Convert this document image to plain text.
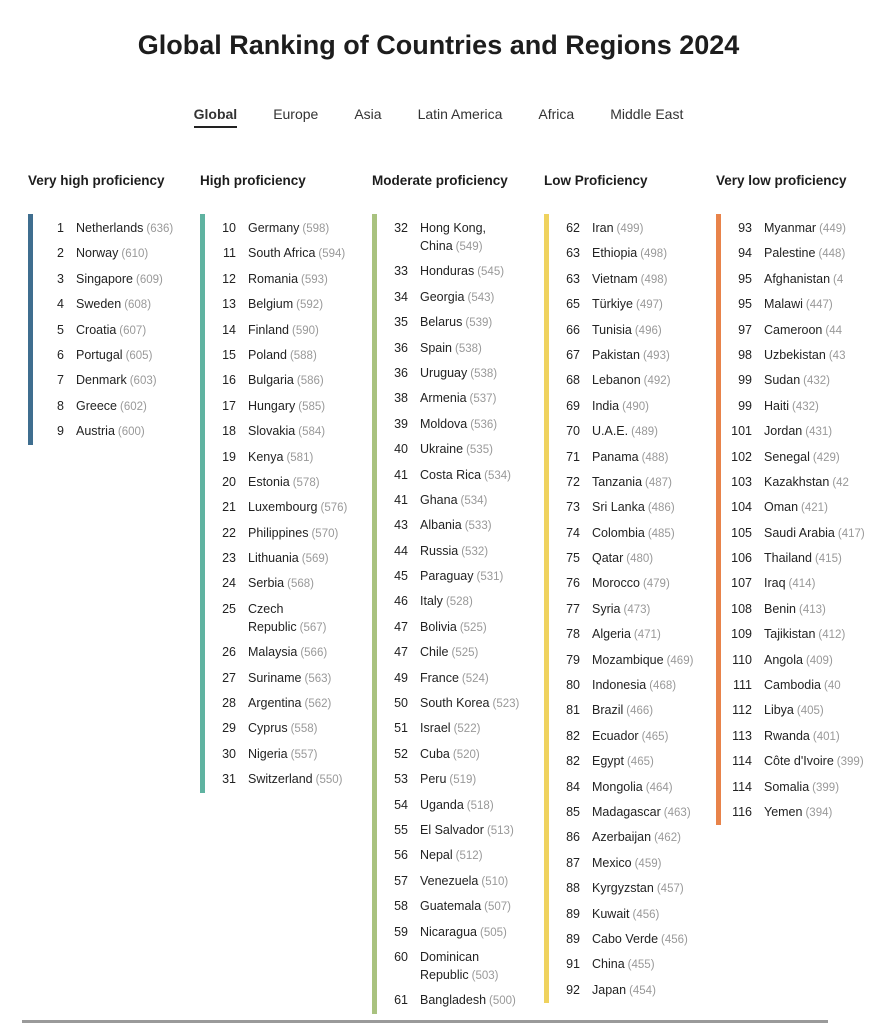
Global Ranking of Countries and Regions 2024
Global	Europe	Asia	Latin America	Africa	Middle East
Very high proficiency
1 Netherlands (636)
2 Norway (610)
3 Singapore (609)
4 Sweden (608)
5 Croatia (607)
6 Portugal (605)
7 Denmark (603)
8 Greece (602)
9 Austria (600)
High proficiency
10 Germany (598)
11 South Africa (594)
12 Romania (593)
13 Belgium (592)
14 Finland (590)
15 Poland (588)
16 Bulgaria (586)
17 Hungary (585)
18 Slovakia (584)
19 Kenya (581)
20 Estonia (578)
21 Luxembourg (576)
22 Philippines (570)
23 Lithuania (569)
24 Serbia (568)
25 Czech Republic (567)
26 Malaysia (566)
27 Suriname (563)
28 Argentina (562)
29 Cyprus (558)
30 Nigeria (557)
31 Switzerland (550)
Moderate proficiency
32 Hong Kong, China (549)
33 Honduras (545)
34 Georgia (543)
35 Belarus (539)
36 Spain (538)
36 Uruguay (538)
38 Armenia (537)
39 Moldova (536)
40 Ukraine (535)
41 Costa Rica (534)
41 Ghana (534)
43 Albania (533)
44 Russia (532)
45 Paraguay (531)
46 Italy (528)
47 Bolivia (525)
47 Chile (525)
49 France (524)
50 South Korea (523)
51 Israel (522)
52 Cuba (520)
53 Peru (519)
54 Uganda (518)
55 El Salvador (513)
56 Nepal (512)
57 Venezuela (510)
58 Guatemala (507)
59 Nicaragua (505)
60 Dominican Republic (503)
61 Bangladesh (500)
Low Proficiency
62 Iran (499)
63 Ethiopia (498)
63 Vietnam (498)
65 Türkiye (497)
66 Tunisia (496)
67 Pakistan (493)
68 Lebanon (492)
69 India (490)
70 U.A.E. (489)
71 Panama (488)
72 Tanzania (487)
73 Sri Lanka (486)
74 Colombia (485)
75 Qatar (480)
76 Morocco (479)
77 Syria (473)
78 Algeria (471)
79 Mozambique (469)
80 Indonesia (468)
81 Brazil (466)
82 Ecuador (465)
82 Egypt (465)
84 Mongolia (464)
85 Madagascar (463)
86 Azerbaijan (462)
87 Mexico (459)
88 Kyrgyzstan (457)
89 Kuwait (456)
89 Cabo Verde (456)
91 China (455)
92 Japan (454)
Very low proficiency
93 Myanmar (449)
94 Palestine (448)
95 Afghanistan (4
95 Malawi (447)
97 Cameroon (44
98 Uzbekistan (43
99 Sudan (432)
99 Haiti (432)
101 Jordan (431)
102 Senegal (429)
103 Kazakhstan (42
104 Oman (421)
105 Saudi Arabia (417)
106 Thailand (415)
107 Iraq (414)
108 Benin (413)
109 Tajikistan (412)
110 Angola (409)
111 Cambodia (40
112 Libya (405)
113 Rwanda (401)
114 Côte d'Ivoire (399)
114 Somalia (399)
116 Yemen (394)
